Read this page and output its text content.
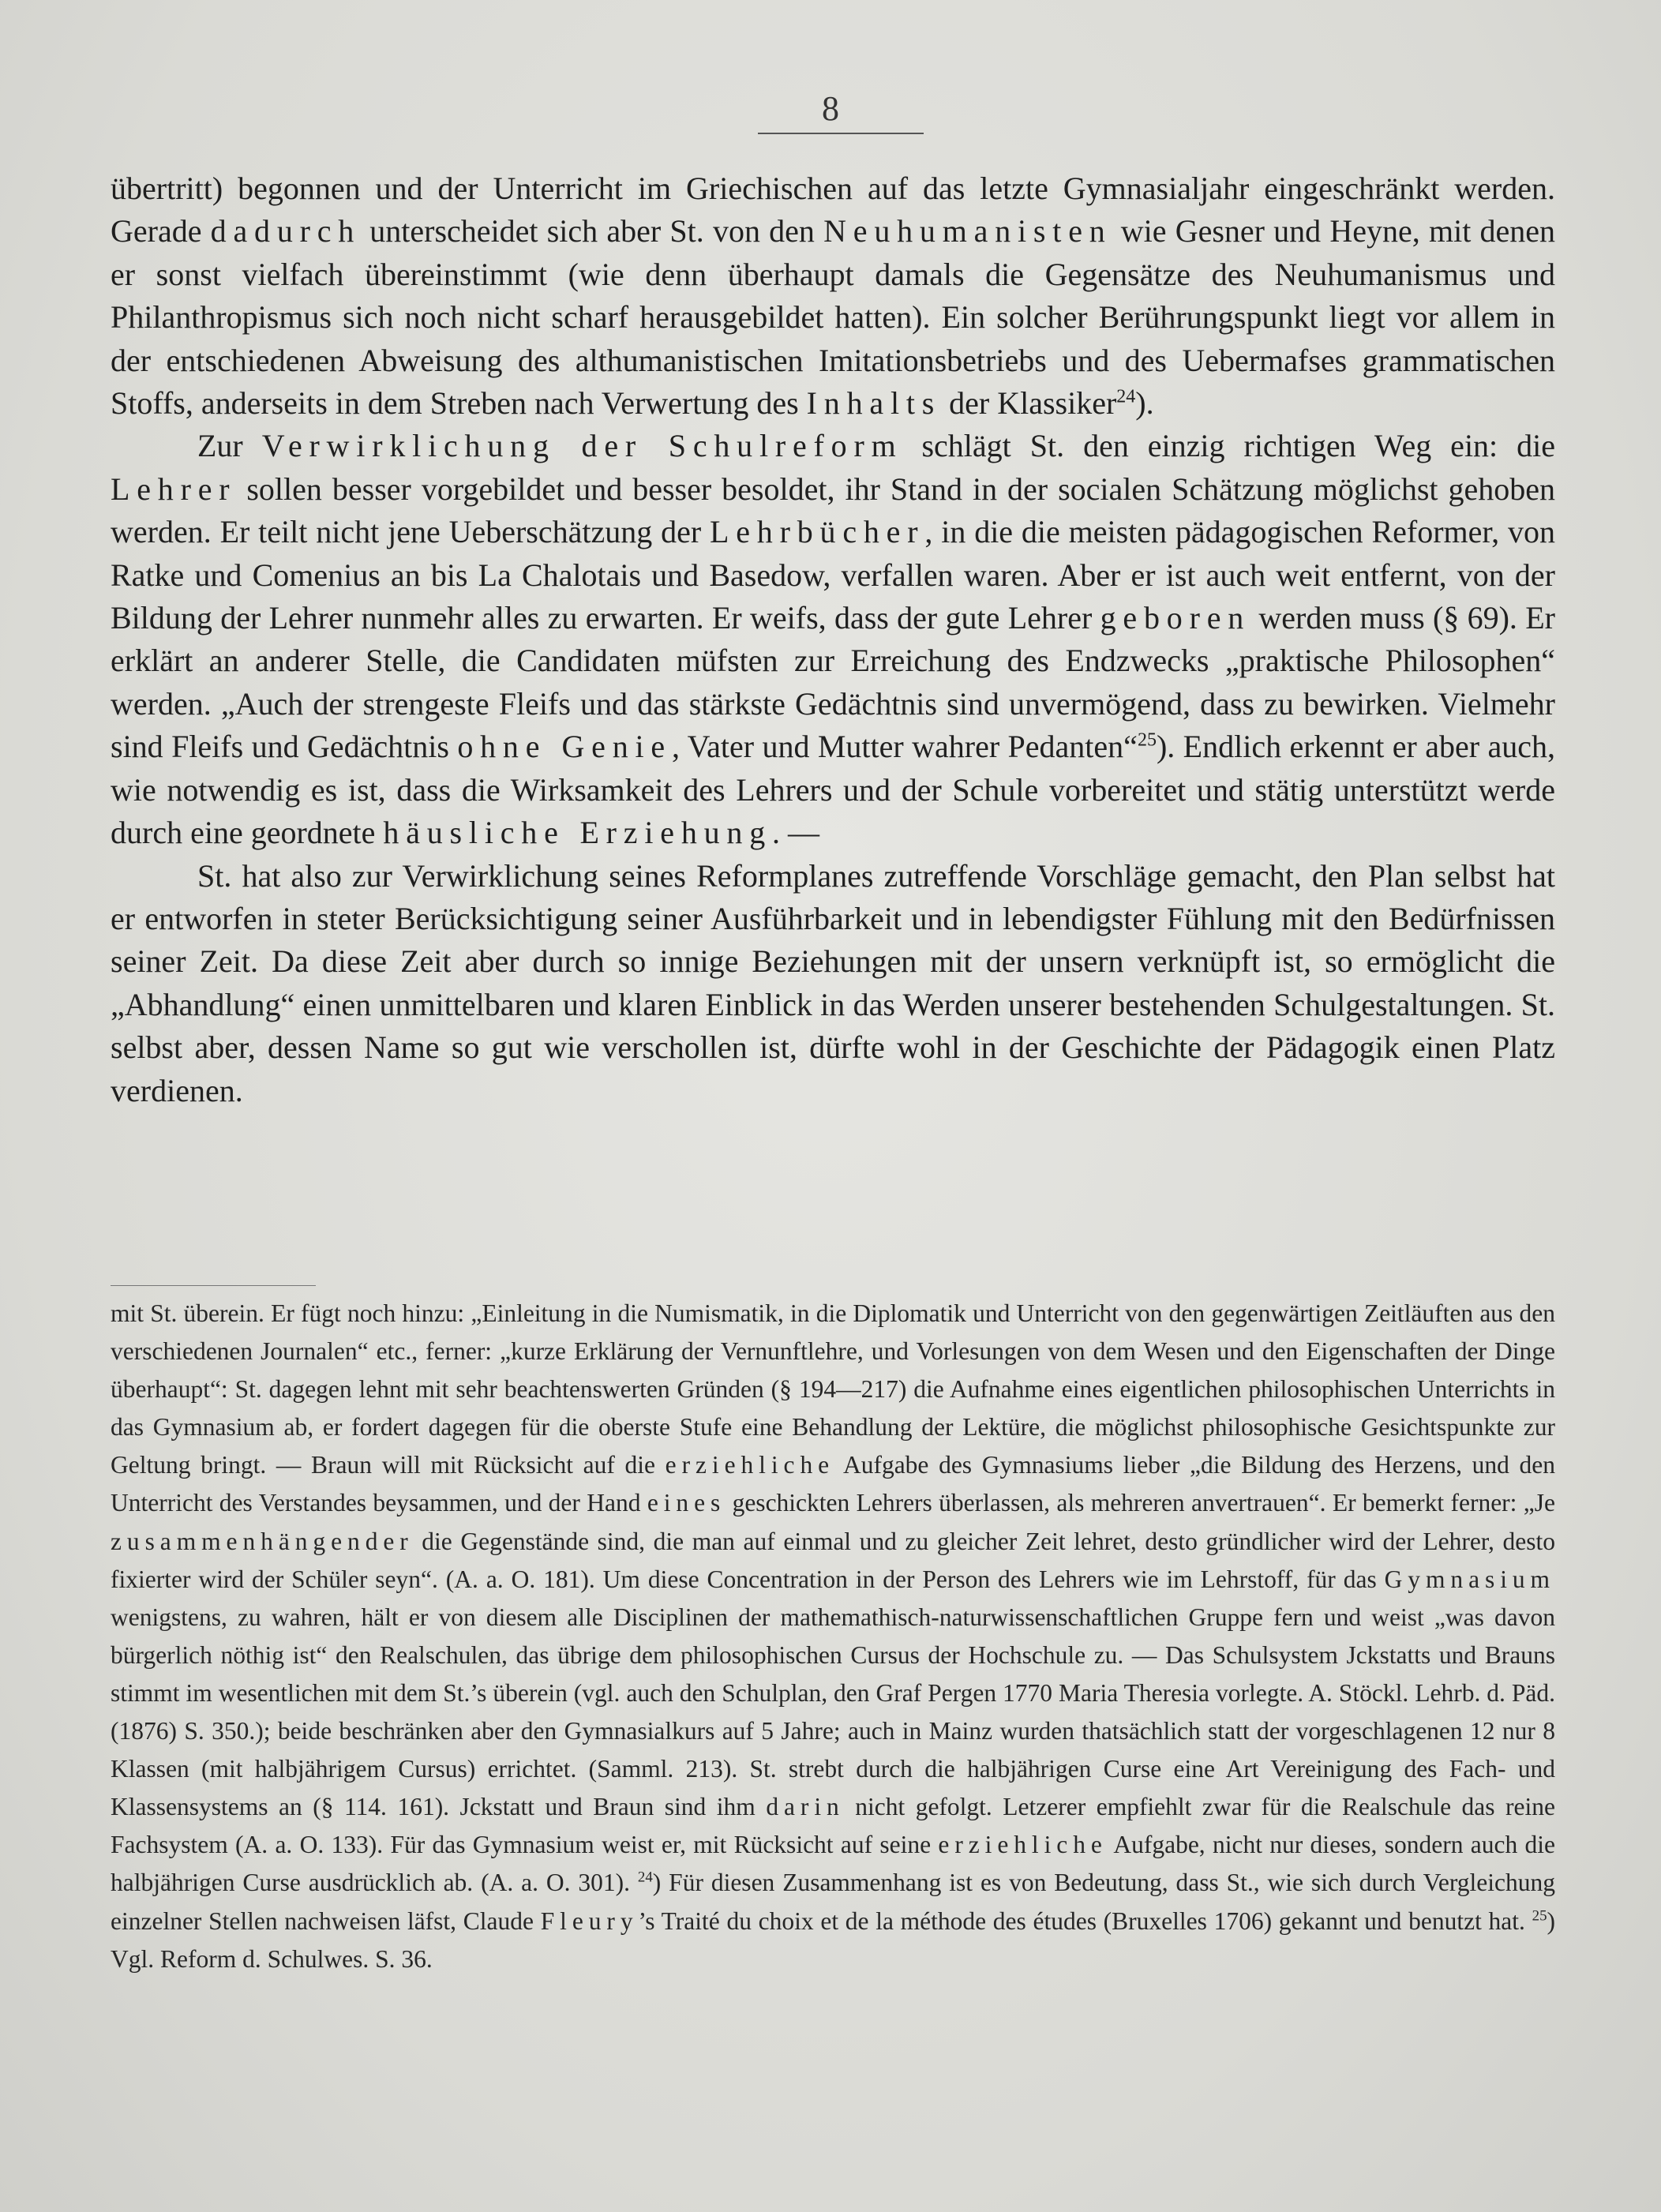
8

übertritt) begonnen und der Unterricht im Griechischen auf das letzte Gymnasialjahr eingeschränkt werden. Gerade dadurch unterscheidet sich aber St. von den Neuhumanisten wie Gesner und Heyne, mit denen er sonst vielfach übereinstimmt (wie denn überhaupt damals die Gegensätze des Neuhumanismus und Philanthropismus sich noch nicht scharf herausgebildet hatten). Ein solcher Berührungspunkt liegt vor allem in der entschiedenen Abweisung des althumanistischen Imitationsbetriebs und des Uebermafses grammatischen Stoffs, anderseits in dem Streben nach Verwertung des Inhalts der Klassiker$^{24}$).

Zur Verwirklichung der Schulreform schlägt St. den einzig richtigen Weg ein: die Lehrer sollen besser vorgebildet und besser besoldet, ihr Stand in der socialen Schätzung möglichst gehoben werden. Er teilt nicht jene Ueberschätzung der Lehrbücher, in die die meisten pädagogischen Reformer, von Ratke und Comenius an bis La Chalotais und Basedow, verfallen waren. Aber er ist auch weit entfernt, von der Bildung der Lehrer nunmehr alles zu erwarten. Er weifs, dass der gute Lehrer geboren werden muss (§ 69). Er erklärt an anderer Stelle, die Candidaten müfsten zur Erreichung des Endzwecks „praktische Philosophen“ werden. „Auch der strengeste Fleifs und das stärkste Gedächtnis sind unvermögend, dass zu bewirken. Vielmehr sind Fleifs und Gedächtnis ohne Genie, Vater und Mutter wahrer Pedanten“$^{25}$). Endlich erkennt er aber auch, wie notwendig es ist, dass die Wirksamkeit des Lehrers und der Schule vorbereitet und stätig unterstützt werde durch eine geordnete häusliche Erziehung. —

St. hat also zur Verwirklichung seines Reformplanes zutreffende Vorschläge gemacht, den Plan selbst hat er entworfen in steter Berücksichtigung seiner Ausführbarkeit und in lebendigster Fühlung mit den Bedürfnissen seiner Zeit. Da diese Zeit aber durch so innige Beziehungen mit der unsern verknüpft ist, so ermöglicht die „Abhandlung“ einen unmittelbaren und klaren Einblick in das Werden unserer bestehenden Schulgestaltungen. St. selbst aber, dessen Name so gut wie verschollen ist, dürfte wohl in der Geschichte der Pädagogik einen Platz verdienen.

mit St. überein. Er fügt noch hinzu: „Einleitung in die Numismatik, in die Diplomatik und Unterricht von den gegenwärtigen Zeitläuften aus den verschiedenen Journalen“ etc., ferner: „kurze Erklärung der Vernunftlehre, und Vorlesungen von dem Wesen und den Eigenschaften der Dinge überhaupt“: St. dagegen lehnt mit sehr beachtenswerten Gründen (§ 194—217) die Aufnahme eines eigentlichen philosophischen Unterrichts in das Gymnasium ab, er fordert dagegen für die oberste Stufe eine Behandlung der Lektüre, die möglichst philosophische Gesichtspunkte zur Geltung bringt. — Braun will mit Rücksicht auf die erziehliche Aufgabe des Gymnasiums lieber „die Bildung des Herzens, und den Unterricht des Verstandes beysammen, und der Hand eines geschickten Lehrers überlassen, als mehreren anvertrauen“. Er bemerkt ferner: „Je zusammenhängender die Gegenstände sind, die man auf einmal und zu gleicher Zeit lehret, desto gründlicher wird der Lehrer, desto fixierter wird der Schüler seyn“. (A. a. O. 181). Um diese Concentration in der Person des Lehrers wie im Lehrstoff, für das Gymnasium wenigstens, zu wahren, hält er von diesem alle Disciplinen der mathemathisch-naturwissenschaftlichen Gruppe fern und weist „was davon bürgerlich nöthig ist“ den Realschulen, das übrige dem philosophischen Cursus der Hochschule zu. — Das Schulsystem Jckstatts und Brauns stimmt im wesentlichen mit dem St.’s überein (vgl. auch den Schulplan, den Graf Pergen 1770 Maria Theresia vorlegte. A. Stöckl. Lehrb. d. Päd. (1876) S. 350.); beide beschränken aber den Gymnasialkurs auf 5 Jahre; auch in Mainz wurden thatsächlich statt der vorgeschlagenen 12 nur 8 Klassen (mit halbjährigem Cursus) errichtet. (Samml. 213). St. strebt durch die halbjährigen Curse eine Art Vereinigung des Fach- und Klassensystems an (§ 114. 161). Jckstatt und Braun sind ihm darin nicht gefolgt. Letzerer empfiehlt zwar für die Realschule das reine Fachsystem (A. a. O. 133). Für das Gymnasium weist er, mit Rücksicht auf seine erziehliche Aufgabe, nicht nur dieses, sondern auch die halbjährigen Curse ausdrücklich ab. (A. a. O. 301). $^{24}$) Für diesen Zusammenhang ist es von Bedeutung, dass St., wie sich durch Vergleichung einzelner Stellen nachweisen läfst, Claude Fleury’s Traité du choix et de la méthode des études (Bruxelles 1706) gekannt und benutzt hat. $^{25}$) Vgl. Reform d. Schulwes. S. 36.
